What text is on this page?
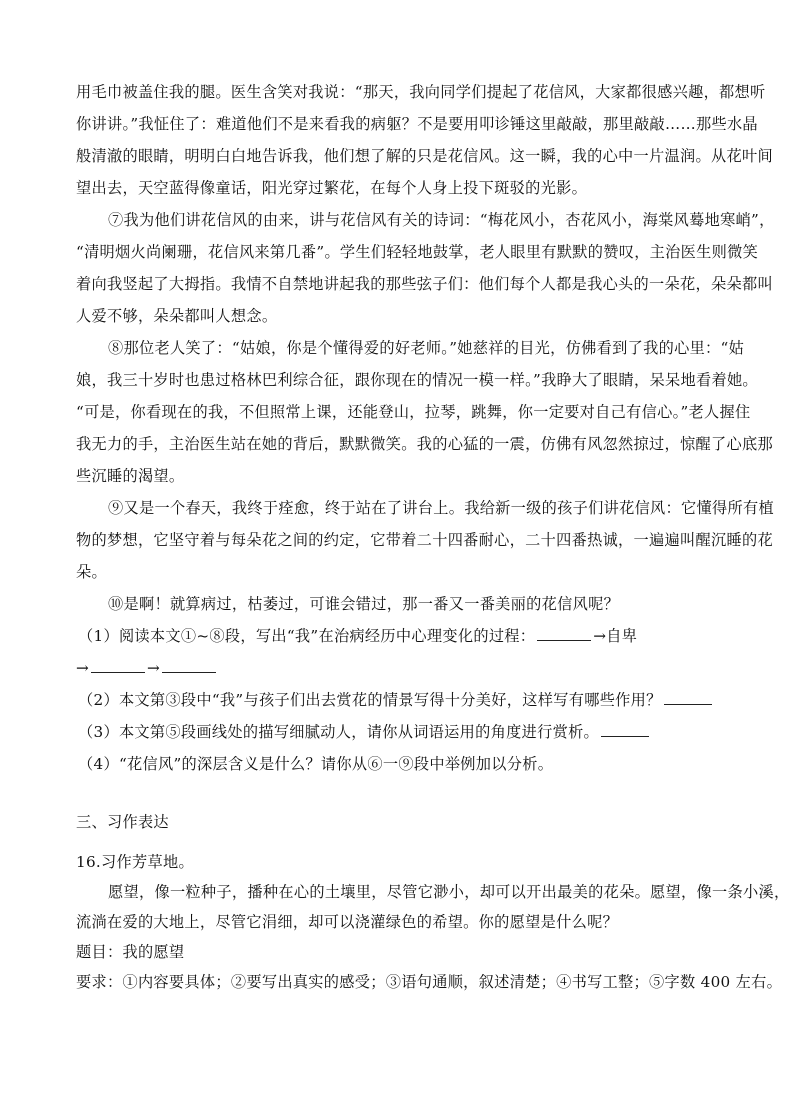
用毛巾被盖住我的腿。医生含笑对我说：“那天，我向同学们提起了花信风，大家都很感兴趣，都想听
你讲讲。”我怔住了：难道他们不是来看我的病躯？不是要用叩诊锤这里敲敲，那里敲敲……那些水晶
般清澈的眼睛，明明白白地告诉我，他们想了解的只是花信风。这一瞬，我的心中一片温润。从花叶间
望出去，天空蓝得像童话，阳光穿过繁花，在每个人身上投下斑驳的光影。
⑦我为他们讲花信风的由来，讲与花信风有关的诗词：“梅花风小，杏花风小，海棠风蓦地寒峭”，
“清明烟火尚阑珊，花信风来第几番”。学生们轻轻地鼓掌，老人眼里有默默的赞叹，主治医生则微笑
着向我竖起了大拇指。我情不自禁地讲起我的那些弦子们：他们每个人都是我心头的一朵花，朵朵都叫
人爱不够，朵朵都叫人想念。
⑧那位老人笑了：“姑娘，你是个懂得爱的好老师。”她慈祥的目光，仿佛看到了我的心里：“姑
娘，我三十岁时也患过格林巴利综合征，跟你现在的情况一模一样。”我睁大了眼睛，呆呆地看着她。
“可是，你看现在的我，不但照常上课，还能登山，拉琴，跳舞，你一定要对自己有信心。”老人握住
我无力的手，主治医生站在她的背后，默默微笑。我的心猛的一震，仿佛有风忽然掠过，惊醒了心底那
些沉睡的渴望。
⑨又是一个春天，我终于痊愈，终于站在了讲台上。我给新一级的孩子们讲花信风：它懂得所有植
物的梦想，它坚守着与每朵花之间的约定，它带着二十四番耐心，二十四番热诚，一遍遍叫醒沉睡的花
朵。
⑩是啊！就算病过，枯萎过，可谁会错过，那一番又一番美丽的花信风呢？
（1）阅读本文①~⑧段，写出“我”在治病经历中心理变化的过程：	→自卑
→	→
（2）本文第③段中“我”与孩子们出去赏花的情景写得十分美好，这样写有哪些作用？
（3）本文第⑤段画线处的描写细腻动人，请你从词语运用的角度进行赏析。
（4）“花信风”的深层含义是什么？请你从⑥一⑨段中举例加以分析。
三、习作表达
16.习作芳草地。
愿望，像一粒种子，播种在心的土壤里，尽管它渺小，却可以开出最美的花朵。愿望，像一条小溪，
流淌在爱的大地上，尽管它涓细，却可以浇灌绿色的希望。你的愿望是什么呢？
题目：我的愿望
要求：①内容要具体；②要写出真实的感受；③语句通顺，叙述清楚；④书写工整；⑤字数 400 左右。
